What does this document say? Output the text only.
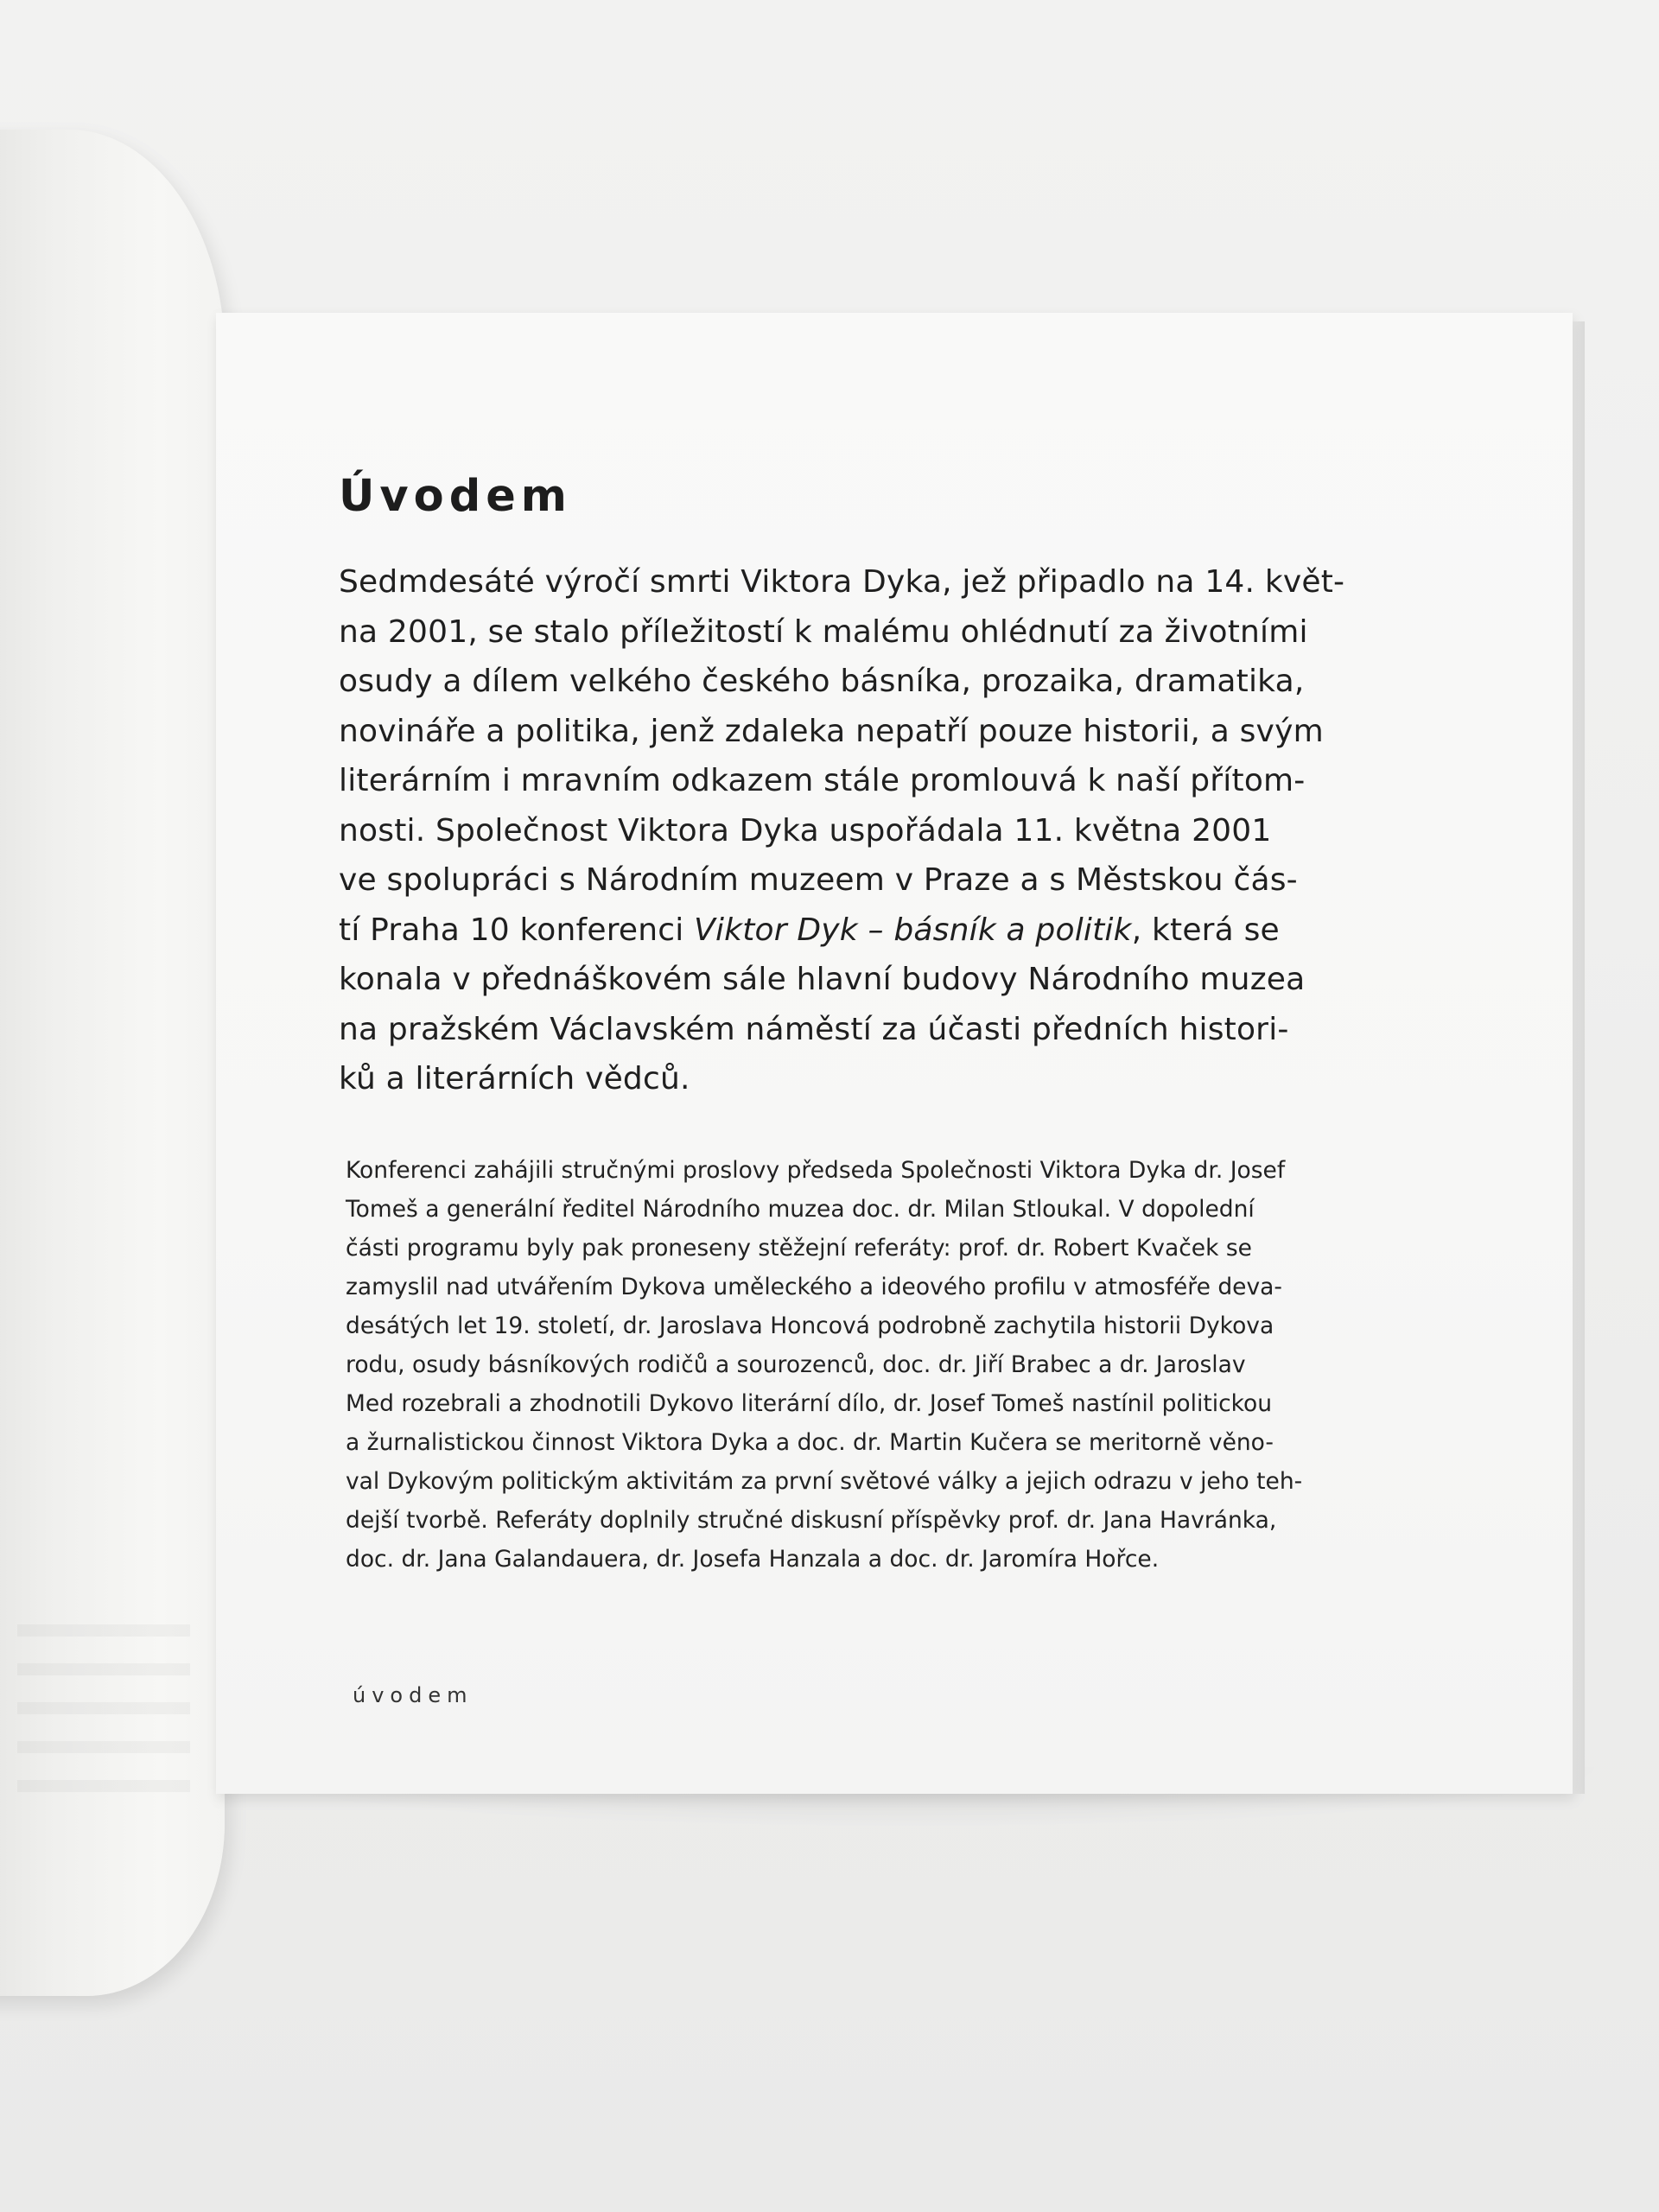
Úvodem
Sedmdesáté výročí smrti Viktora Dyka, jež připadlo na 14. květ-
na 2001, se stalo příležitostí k malému ohlédnutí za životními
osudy a dílem velkého českého básníka, prozaika, dramatika,
novináře a politika, jenž zdaleka nepatří pouze historii, a svým
literárním i mravním odkazem stále promlouvá k naší přítom-
nosti. Společnost Viktora Dyka uspořádala 11. května 2001
ve spolupráci s Národním muzeem v Praze a s Městskou čás-
tí Praha 10 konferenci Viktor Dyk – básník a politik, která se
konala v přednáškovém sále hlavní budovy Národního muzea
na pražském Václavském náměstí za účasti předních histori-
ků a literárních vědců.
Konferenci zahájili stručnými proslovy předseda Společnosti Viktora Dyka dr. Josef
Tomeš a generální ředitel Národního muzea doc. dr. Milan Stloukal. V dopolední
části programu byly pak proneseny stěžejní referáty: prof. dr. Robert Kvaček se
zamyslil nad utvářením Dykova uměleckého a ideového profilu v atmosféře deva-
desátých let 19. století, dr. Jaroslava Honcová podrobně zachytila historii Dykova
rodu, osudy básníkových rodičů a sourozenců, doc. dr. Jiří Brabec a dr. Jaroslav
Med rozebrali a zhodnotili Dykovo literární dílo, dr. Josef Tomeš nastínil politickou
a žurnalistickou činnost Viktora Dyka a doc. dr. Martin Kučera se meritorně věno-
val Dykovým politickým aktivitám za první světové války a jejich odrazu v jeho teh-
dejší tvorbě. Referáty doplnily stručné diskusní příspěvky prof. dr. Jana Havránka,
doc. dr. Jana Galandauera, dr. Josefa Hanzala a doc. dr. Jaromíra Hořce.
úvodem
